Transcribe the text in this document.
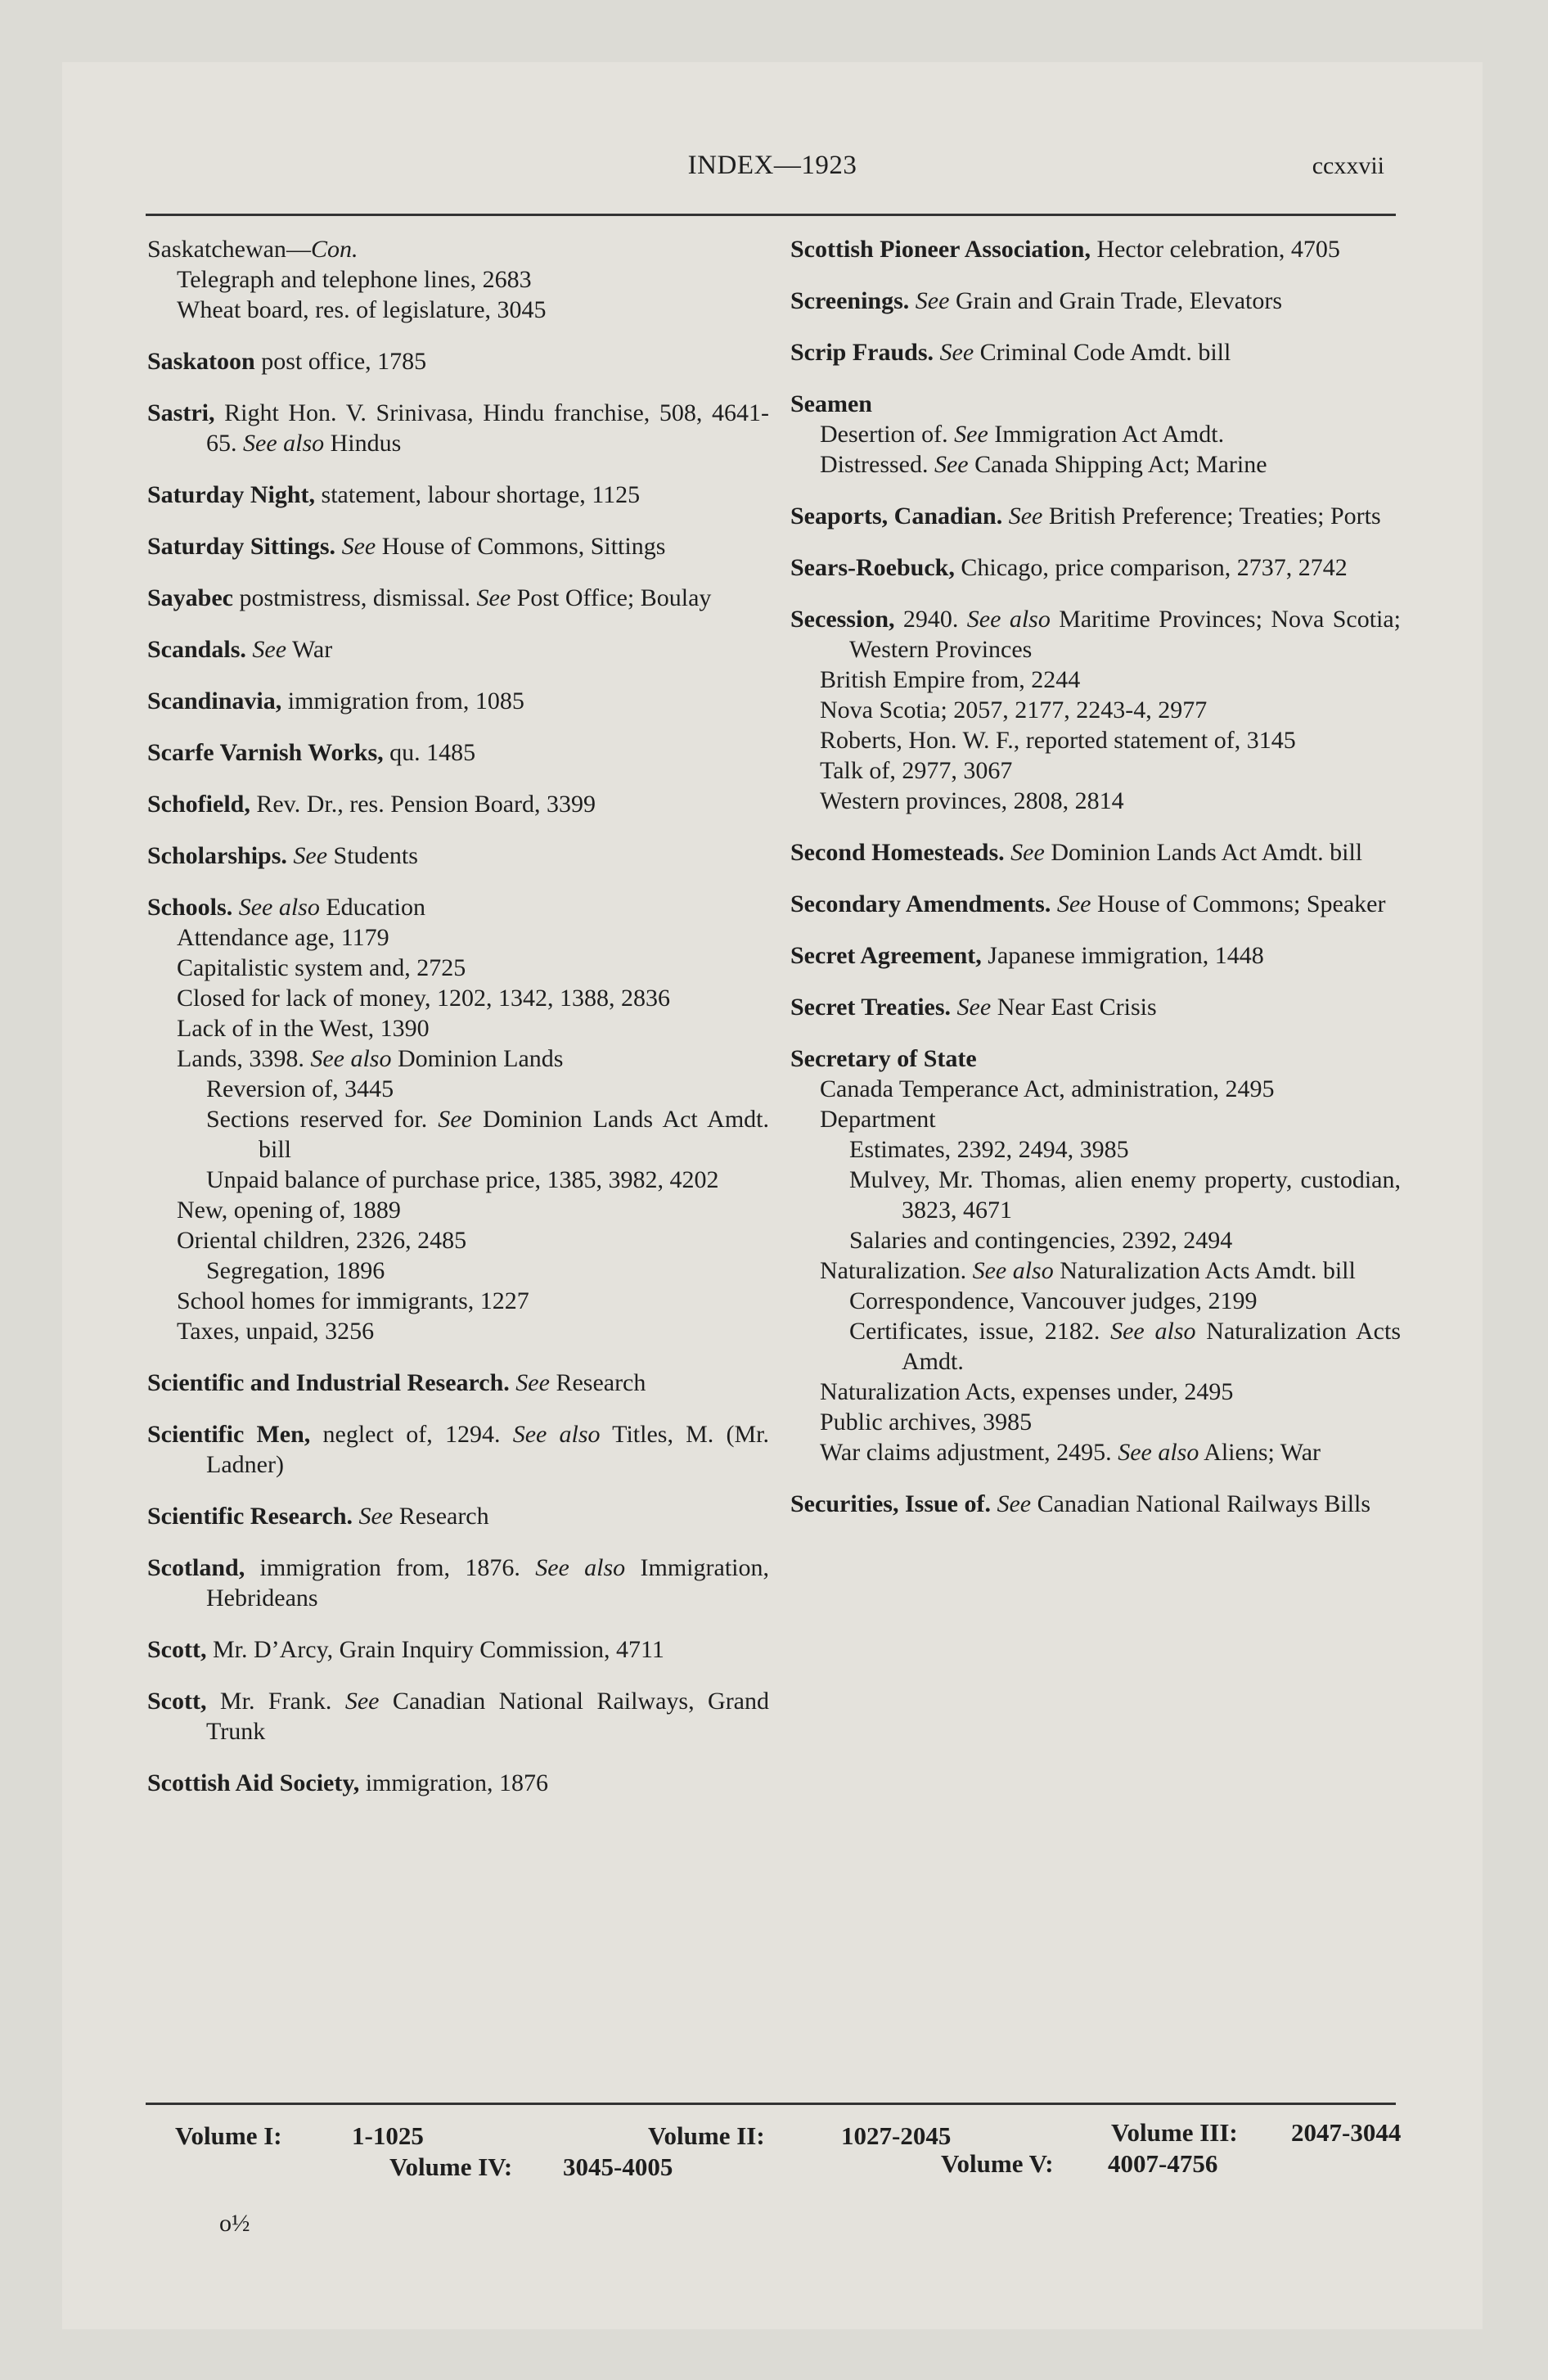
INDEX—1923	ccxxvii
Saskatchewan—Con.
Telegraph and telephone lines, 2683
Wheat board, res. of legislature, 3045
Saskatoon post office, 1785
Sastri, Right Hon. V. Srinivasa, Hindu franchise, 508, 4641-65. See also Hindus
Saturday Night, statement, labour shortage, 1125
Saturday Sittings. See House of Commons, Sittings
Sayabec postmistress, dismissal. See Post Office; Boulay
Scandals. See War
Scandinavia, immigration from, 1085
Scarfe Varnish Works, qu. 1485
Schofield, Rev. Dr., res. Pension Board, 3399
Scholarships. See Students
Schools. See also Education
Attendance age, 1179
Capitalistic system and, 2725
Closed for lack of money, 1202, 1342, 1388, 2836
Lack of in the West, 1390
Lands, 3398. See also Dominion Lands
Reversion of, 3445
Sections reserved for. See Dominion Lands Act Amdt. bill
Unpaid balance of purchase price, 1385, 3982, 4202
New, opening of, 1889
Oriental children, 2326, 2485
Segregation, 1896
School homes for immigrants, 1227
Taxes, unpaid, 3256
Scientific and Industrial Research. See Research
Scientific Men, neglect of, 1294. See also Titles, M. (Mr. Ladner)
Scientific Research. See Research
Scotland, immigration from, 1876. See also Immigration, Hebrideans
Scott, Mr. D’Arcy, Grain Inquiry Commission, 4711
Scott, Mr. Frank. See Canadian National Railways, Grand Trunk
Scottish Aid Society, immigration, 1876
Scottish Pioneer Association, Hector celebration, 4705
Screenings. See Grain and Grain Trade, Elevators
Scrip Frauds. See Criminal Code Amdt. bill
Seamen
Desertion of. See Immigration Act Amdt.
Distressed. See Canada Shipping Act; Marine
Seaports, Canadian. See British Preference; Treaties; Ports
Sears-Roebuck, Chicago, price comparison, 2737, 2742
Secession, 2940. See also Maritime Provinces; Nova Scotia; Western Provinces
British Empire from, 2244
Nova Scotia; 2057, 2177, 2243-4, 2977
Roberts, Hon. W. F., reported statement of, 3145
Talk of, 2977, 3067
Western provinces, 2808, 2814
Second Homesteads. See Dominion Lands Act Amdt. bill
Secondary Amendments. See House of Commons; Speaker
Secret Agreement, Japanese immigration, 1448
Secret Treaties. See Near East Crisis
Secretary of State
Canada Temperance Act, administration, 2495
Department
Estimates, 2392, 2494, 3985
Mulvey, Mr. Thomas, alien enemy property, custodian, 3823, 4671
Salaries and contingencies, 2392, 2494
Naturalization. See also Naturalization Acts Amdt. bill
Correspondence, Vancouver judges, 2199
Certificates, issue, 2182. See also Naturalization Acts Amdt.
Naturalization Acts, expenses under, 2495
Public archives, 3985
War claims adjustment, 2495. See also Aliens; War
Securities, Issue of. See Canadian National Railways Bills
Volume I:	1-1025	Volume II:	1027-2045	Volume III: 2047-3044
Volume IV: 3045-4005	Volume V: 4007-4756
o½
